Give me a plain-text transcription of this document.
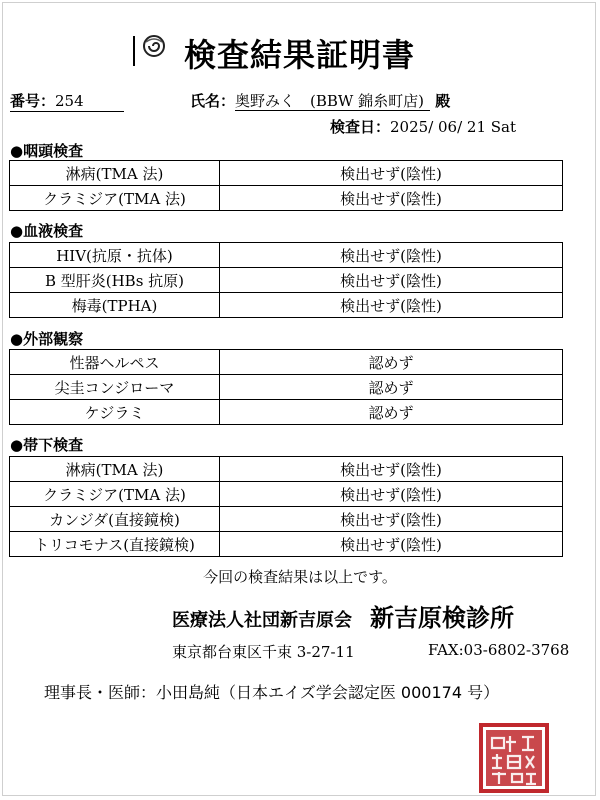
検査結果証明書
番号：254	氏名：奥野みく　(BBW 錦糸町店) 殿
検査日：2025/ 06/ 21 Sat
●咽頭検査
淋病(TMA 法)	検出せず(陰性)
クラミジア(TMA 法)	検出せず(陰性)
●血液検査
HIV(抗原・抗体)	検出せず(陰性)
B 型肝炎(HBs 抗原)	検出せず(陰性)
梅毒(TPHA)	検出せず(陰性)
●外部観察
性器ヘルペス	認めず
尖圭コンジローマ	認めず
ケジラミ	認めず
●帯下検査
淋病(TMA 法)	検出せず(陰性)
クラミジア(TMA 法)	検出せず(陰性)
カンジダ(直接鏡検)	検出せず(陰性)
トリコモナス(直接鏡検)	検出せず(陰性)
今回の検査結果は以上です。
医療法人社団新吉原会 新吉原検診所
東京都台東区千束 3-27-11	FAX:03-6802-3768
理事長・医師：小田島純（日本エイズ学会認定医 000174 号）
